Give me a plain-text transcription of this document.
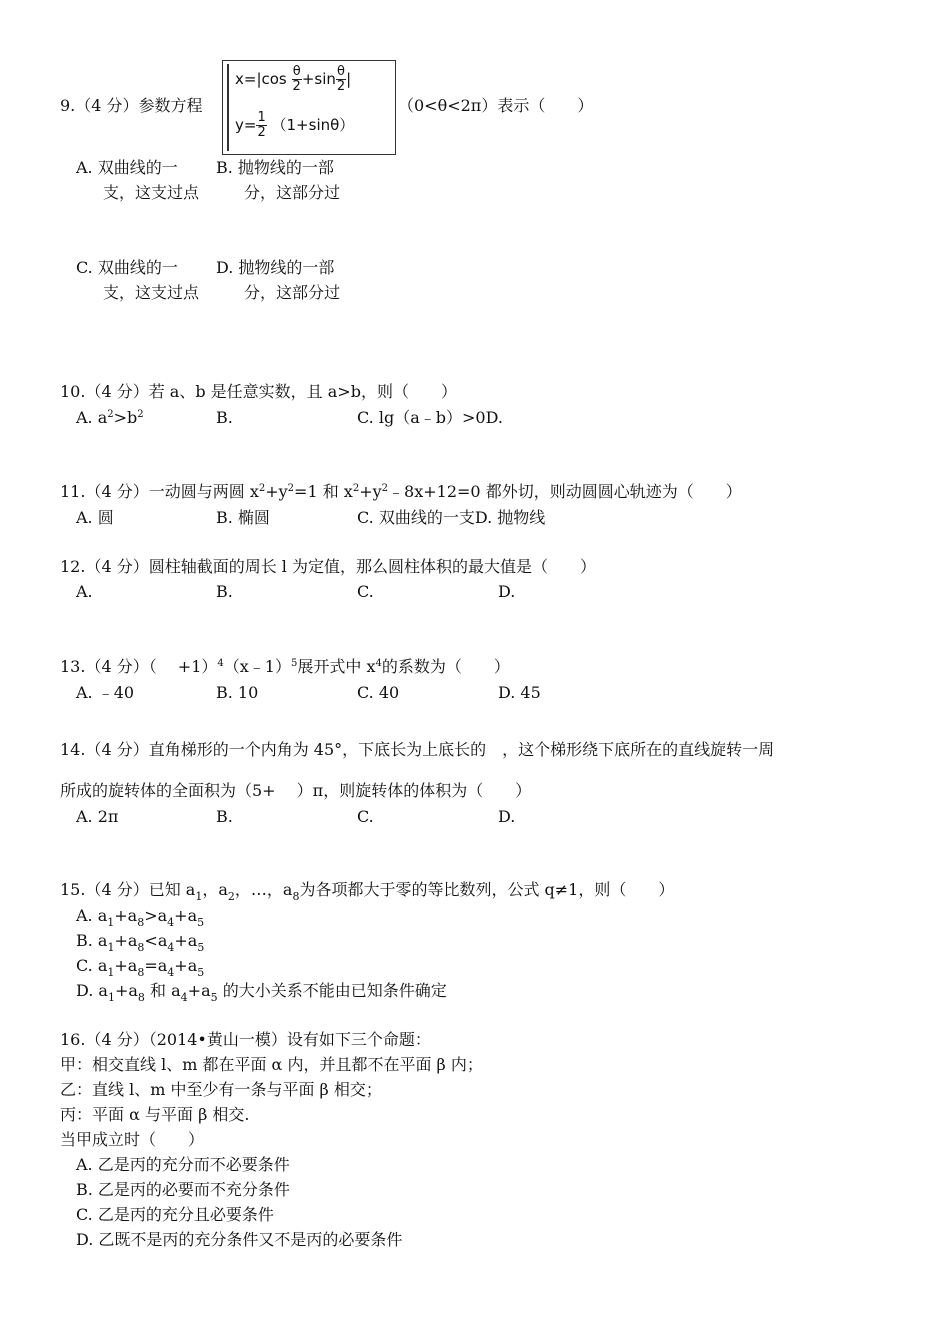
9.（4 分）参数方程
$x=|\cos \frac{\theta}{2} +\sin \frac{\theta}{2}$ |
$y= \frac{1}{2} (1+\sin\theta)$
（0<θ<2π）表示（　　）
A. 双曲线的一
支，这支过点
B. 抛物线的一部
分，这部分过
C. 双曲线的一
支，这支过点
D. 抛物线的一部
分，这部分过
10.（4 分）若 a、b 是任意实数，且 a>b，则（　　）
A. $a^2>b^2$	B.	C. lg（a﹣b）>0D.
11.（4 分）一动圆与两圆 $x^2+y^2=1$ 和 $x^2+y^2﹣8x+12=0$ 都外切，则动圆圆心轨迹为（　　）
A. 圆	B. 椭圆	C. 双曲线的一支D. 抛物线
12.（4 分）圆柱轴截面的周长 l 为定值，那么圆柱体积的最大值是（　　）
A.	B.	C.	D.
13.（4 分）（　 +1）$^4$（x﹣1）$^5$展开式中 $x^4$的系数为（　　）
A. ﹣40	B. 10	C. 40	D. 45
14.（4 分）直角梯形的一个内角为 45°，下底长为上底长的　，这个梯形绕下底所在的直线旋转一周
所成的旋转体的全面积为（5+　 ）π，则旋转体的体积为（　　）
A. 2π	B.	C.	D.
15.（4 分）已知 $a_1$，$a_2$，…，$a_8$为各项都大于零的等比数列，公式 q≠1，则（　　）
A. $a_1+a_8>a_4+a_5$
B. $a_1+a_8<a_4+a_5$
C. $a_1+a_8=a_4+a_5$
D. $a_1+a_8$ 和 $a_4+a_5$ 的大小关系不能由已知条件确定
16.（4 分）（2014•黄山一模）设有如下三个命题：
甲：相交直线 l、m 都在平面 α 内，并且都不在平面 β 内；
乙：直线 l、m 中至少有一条与平面 β 相交；
丙：平面 α 与平面 β 相交.
当甲成立时（　　）
A. 乙是丙的充分而不必要条件
B. 乙是丙的必要而不充分条件
C. 乙是丙的充分且必要条件
D. 乙既不是丙的充分条件又不是丙的必要条件
